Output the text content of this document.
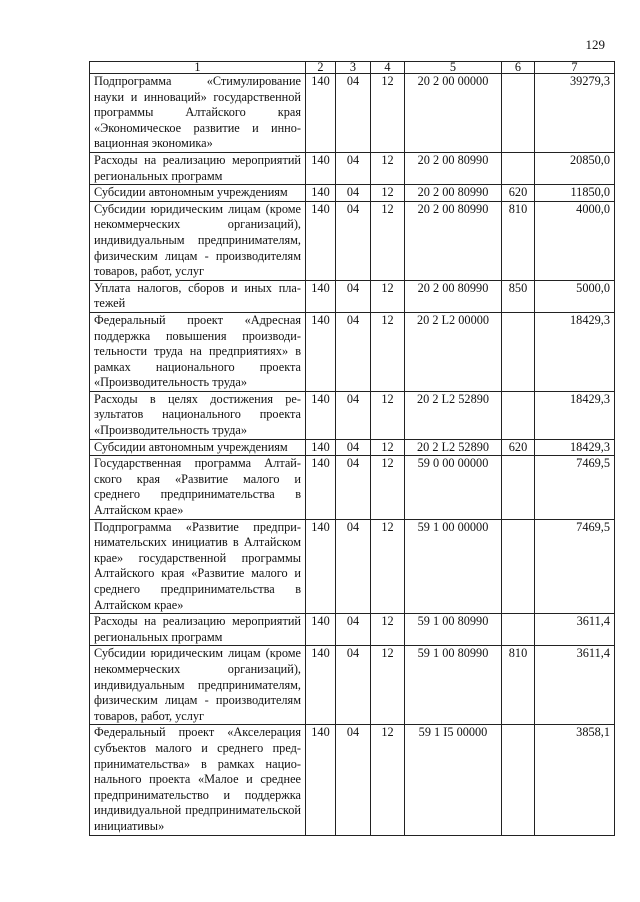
129
1	2	3	4	5	6	7
Подпрограмма «Стимулирование науки и инноваций» государственной программы Алтайского края «Экономическое развитие и инновационная экономика»	140	04	12	20 2 00 00000		39279,3
Расходы на реализацию мероприятий региональных программ	140	04	12	20 2 00 80990		20850,0
Субсидии автономным учреждениям	140	04	12	20 2 00 80990	620	11850,0
Субсидии юридическим лицам (кроме некоммерческих организаций), индивидуальным предпринимателям, физическим лицам - производителям товаров, работ, услуг	140	04	12	20 2 00 80990	810	4000,0
Уплата налогов, сборов и иных платежей	140	04	12	20 2 00 80990	850	5000,0
Федеральный проект «Адресная поддержка повышения производительности труда на предприятиях» в рамках национального проекта «Производительность труда»	140	04	12	20 2 L2 00000		18429,3
Расходы в целях достижения результатов национального проекта «Производительность труда»	140	04	12	20 2 L2 52890		18429,3
Субсидии автономным учреждениям	140	04	12	20 2 L2 52890	620	18429,3
Государственная программа Алтайского края «Развитие малого и среднего предпринимательства в Алтайском крае»	140	04	12	59 0 00 00000		7469,5
Подпрограмма «Развитие предпринимательских инициатив в Алтайском крае» государственной программы Алтайского края «Развитие малого и среднего предпринимательства в Алтайском крае»	140	04	12	59 1 00 00000		7469,5
Расходы на реализацию мероприятий региональных программ	140	04	12	59 1 00 80990		3611,4
Субсидии юридическим лицам (кроме некоммерческих организаций), индивидуальным предпринимателям, физическим лицам - производителям товаров, работ, услуг	140	04	12	59 1 00 80990	810	3611,4
Федеральный проект «Акселерация субъектов малого и среднего предпринимательства» в рамках национального проекта «Малое и среднее предпринимательство и поддержка индивидуальной предпринимательской инициативы»	140	04	12	59 1 I5 00000		3858,1
